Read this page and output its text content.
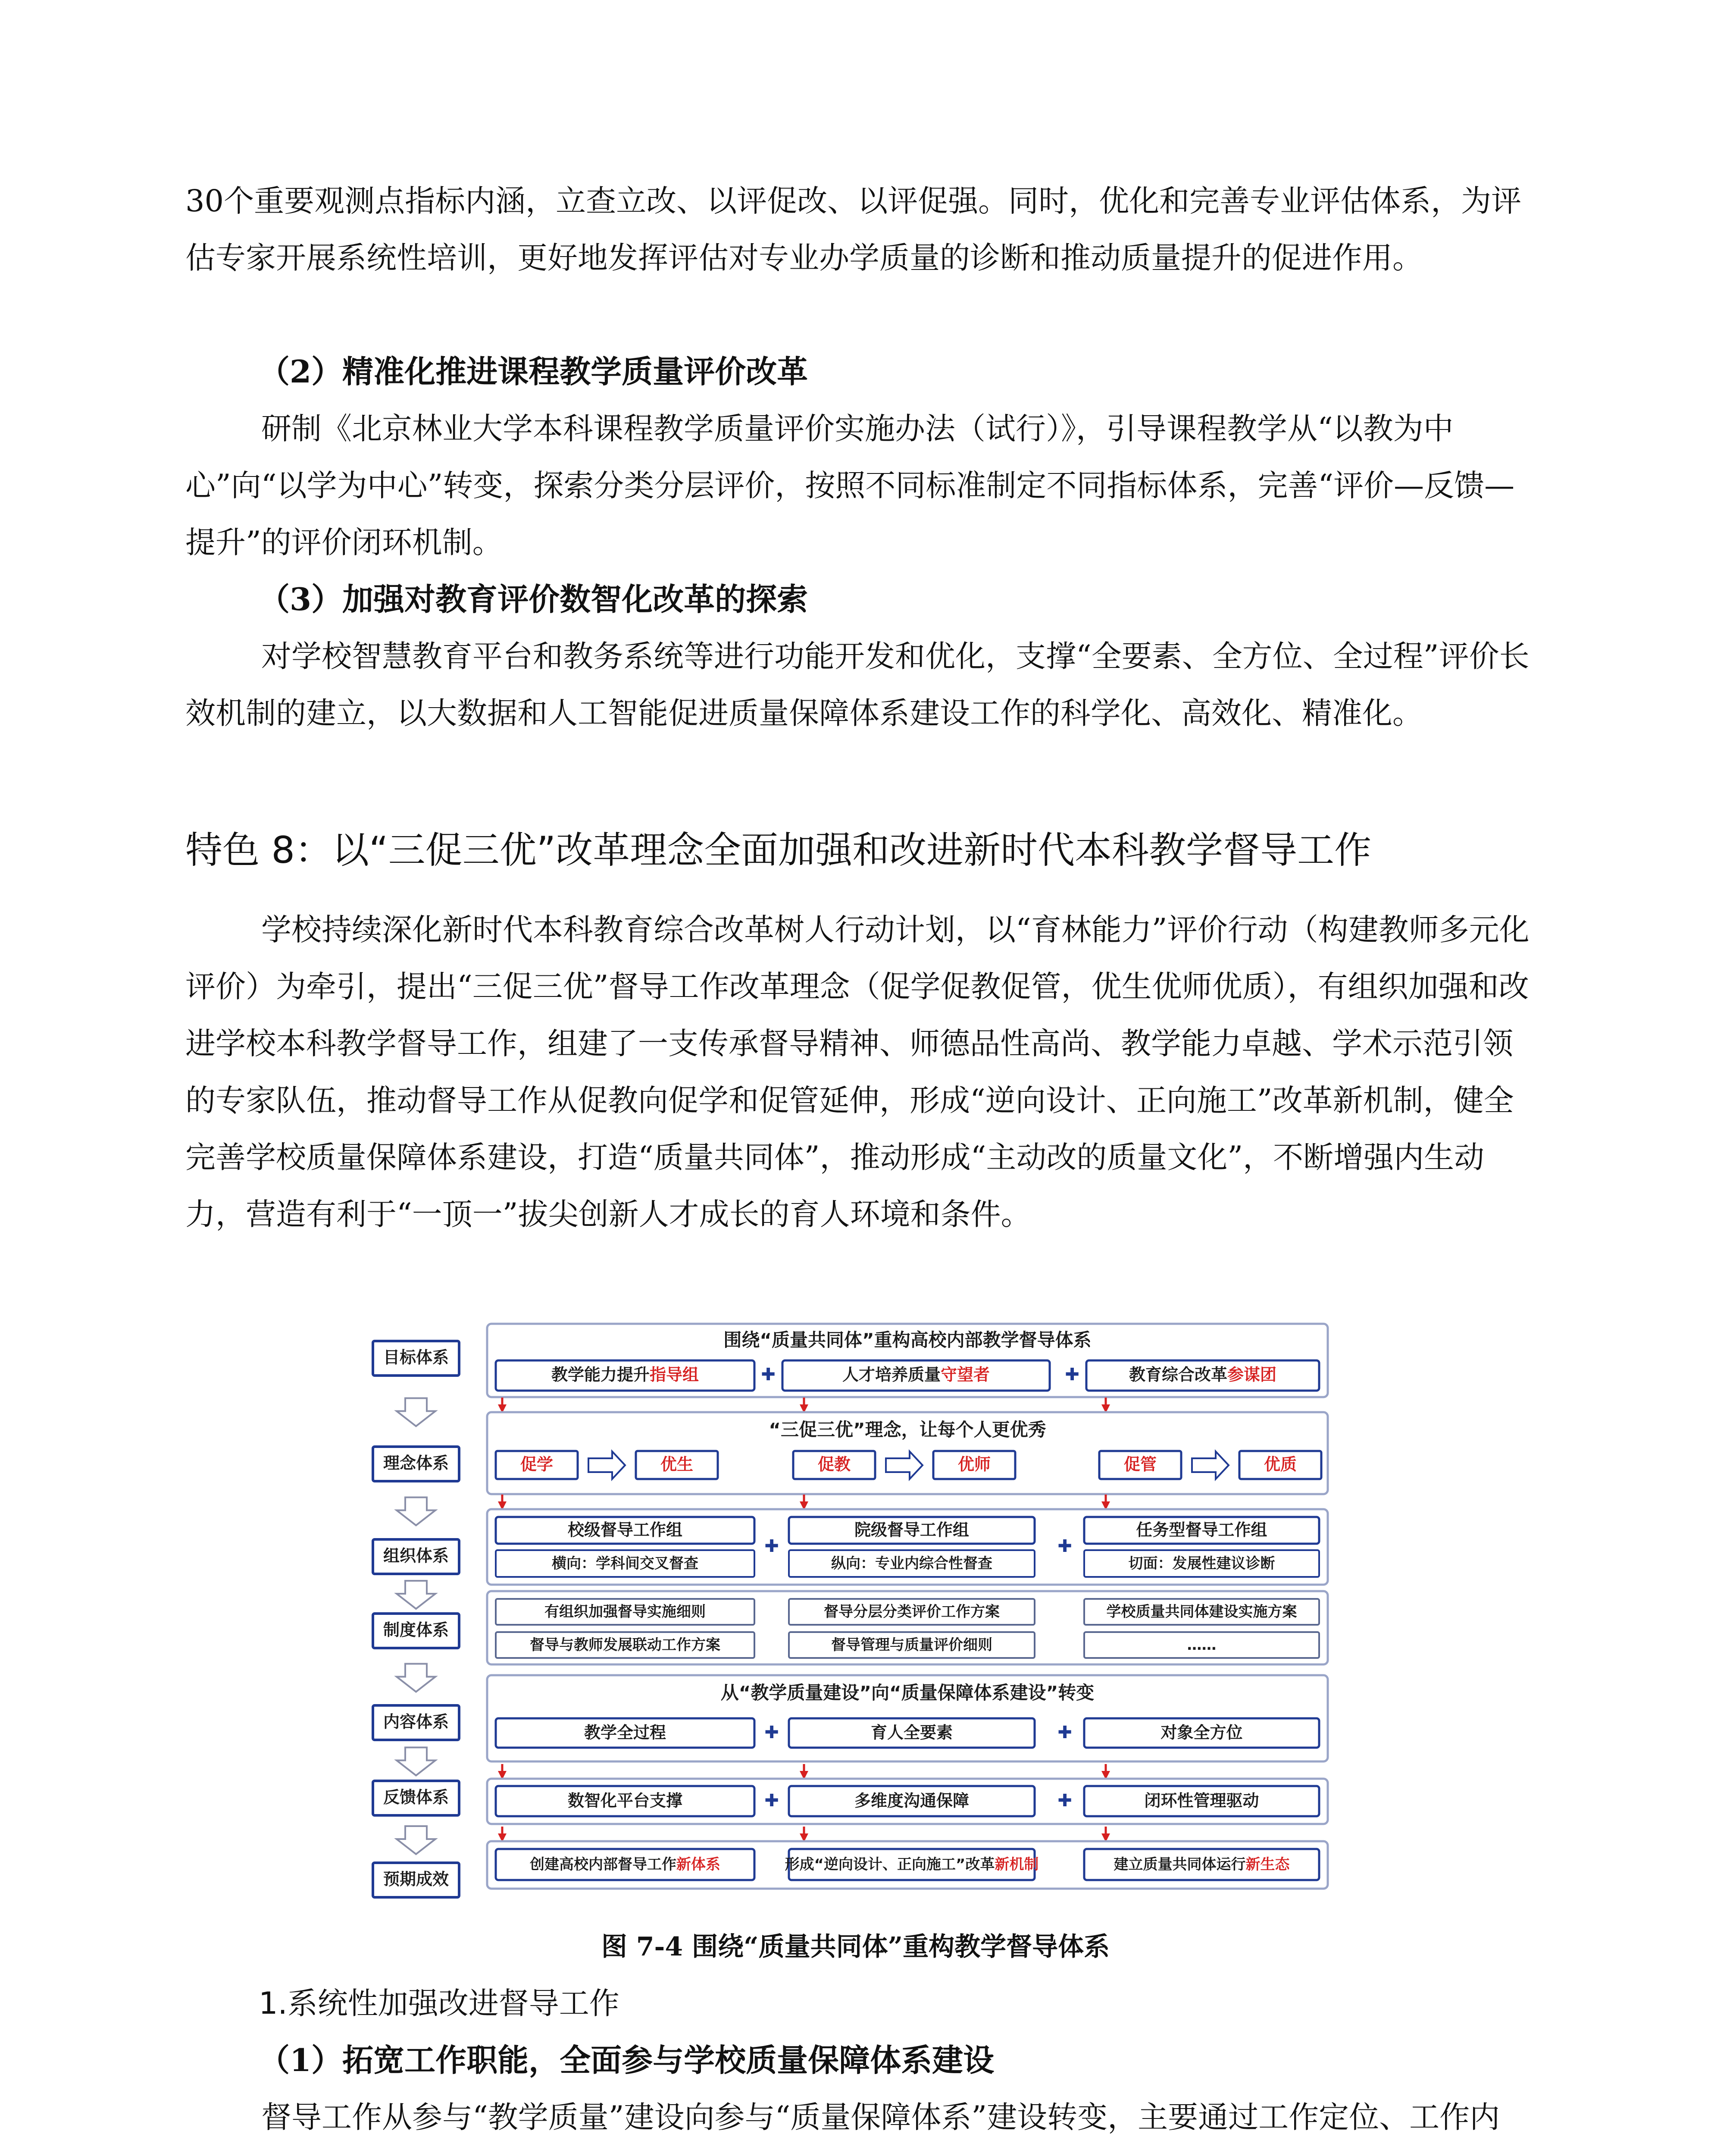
30个重要观测点指标内涵，立查立改、以评促改、以评促强。同时，优化和完善专业评估体系，为评估专家开展系统性培训，更好地发挥评估对专业办学质量的诊断和推动质量提升的促进作用。

（2）精准化推进课程教学质量评价改革

研制《北京林业大学本科课程教学质量评价实施办法（试行）》，引导课程教学从“以教为中心”向“以学为中心”转变，探索分类分层评价，按照不同标准制定不同指标体系，完善“评价—反馈—提升”的评价闭环机制。

（3）加强对教育评价数智化改革的探索

对学校智慧教育平台和教务系统等进行功能开发和优化，支撑“全要素、全方位、全过程”评价长效机制的建立，以大数据和人工智能促进质量保障体系建设工作的科学化、高效化、精准化。

特色 8：以“三促三优”改革理念全面加强和改进新时代本科教学督导工作

学校持续深化新时代本科教育综合改革树人行动计划，以“育林能力”评价行动（构建教师多元化评价）为牵引，提出“三促三优”督导工作改革理念（促学促教促管，优生优师优质），有组织加强和改进学校本科教学督导工作，组建了一支传承督导精神、师德品性高尚、教学能力卓越、学术示范引领的专家队伍，推动督导工作从促教向促学和促管延伸，形成“逆向设计、正向施工”改革新机制，健全完善学校质量保障体系建设，打造“质量共同体”，推动形成“主动改的质量文化”，不断增强内生动力，营造有利于“一顶一”拔尖创新人才成长的育人环境和条件。

目标体系
理念体系
组织体系
制度体系
内容体系
反馈体系
预期成效
围绕“质量共同体”重构高校内部教学督导体系
教学能力提升指导组	人才培养质量守望者	教育综合改革参谋团
✚	✚
“三促三优”理念，让每个人更优秀
促学	优生	促教	优师	促管	优质
校级督导工作组
横向：学科间交叉督查
院级督导工作组
纵向：专业内综合性督查
任务型督导工作组
切面：发展性建议诊断
✚	✚
有组织加强督导实施细则	督导分层分类评价工作方案	学校质量共同体建设实施方案
督导与教师发展联动工作方案	督导管理与质量评价细则	……
从“教学质量建设”向“质量保障体系建设”转变
教学全过程	育人全要素	对象全方位
✚	✚
数智化平台支撑	多维度沟通保障	闭环性管理驱动
✚	✚
创建高校内部督导工作新体系	形成“逆向设计、正向施工”改革新机制	建立质量共同体运行新生态
图 7-4 围绕“质量共同体”重构教学督导体系

1.系统性加强改进督导工作

（1）拓宽工作职能，全面参与学校质量保障体系建设

督导工作从参与“教学质量”建设向参与“质量保障体系”建设转变，主要通过工作定位、工作内
